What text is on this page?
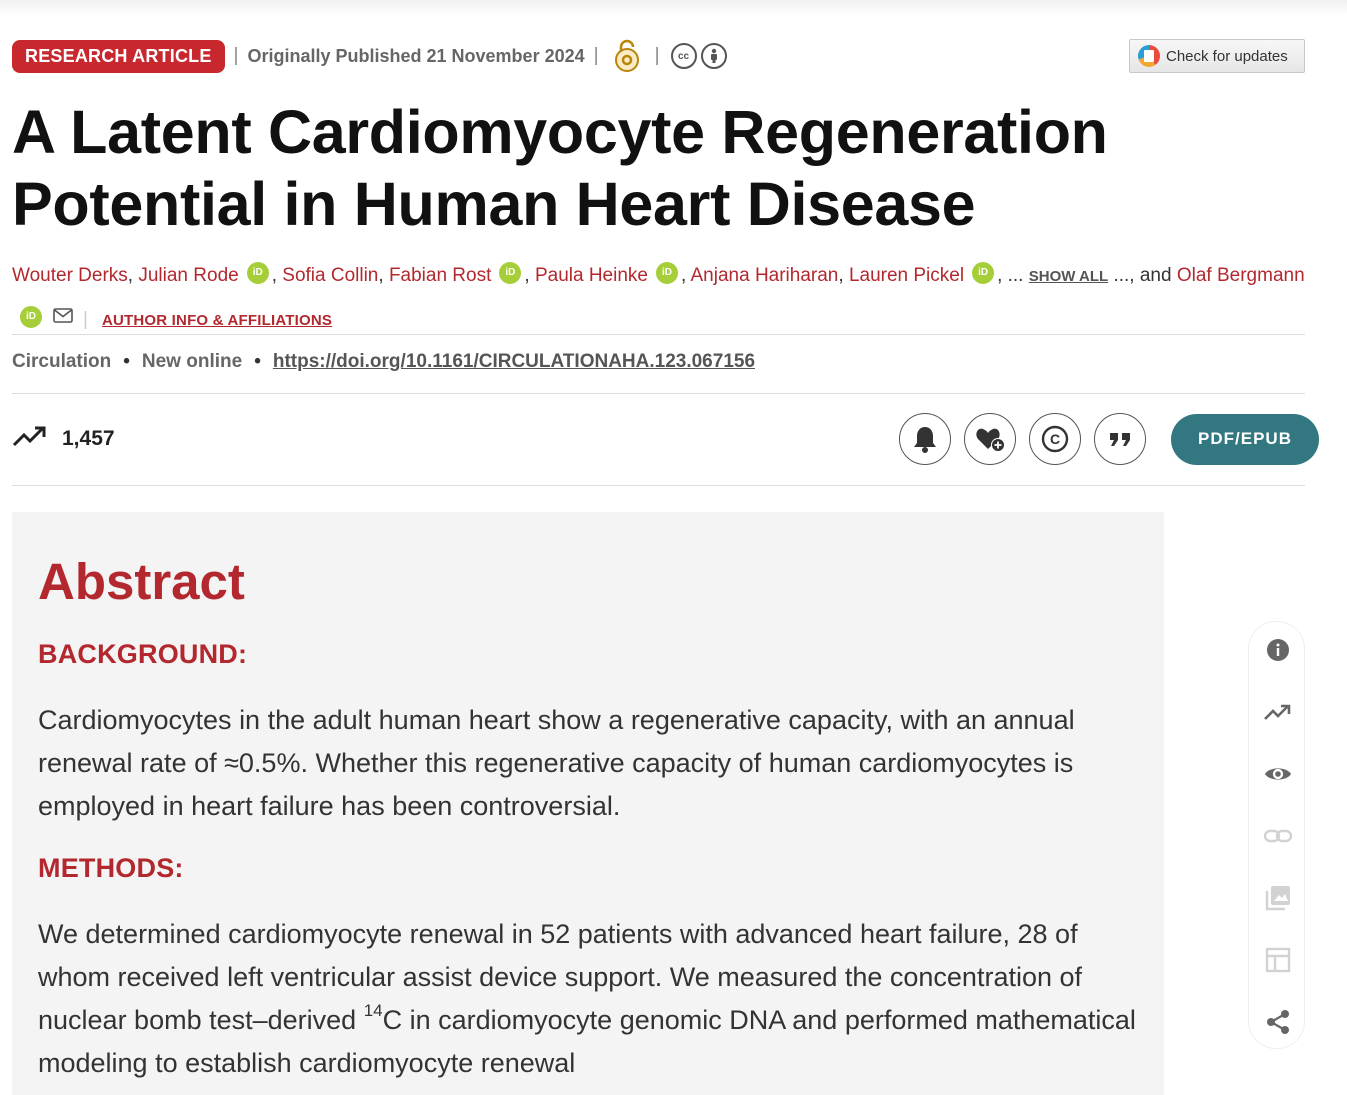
RESEARCH ARTICLE	| Originally Published 21 November 2024 |	|	cc	Check for updates
A Latent Cardiomyocyte Regeneration Potential in Human Heart Disease
Wouter Derks, Julian Rode iD , Sofia Collin, Fabian Rost iD , Paula Heinke iD , Anjana Hariharan, Lauren Pickel iD , ... SHOW ALL ..., and Olaf BergmanniD | AUTHOR INFO & AFFILIATIONS
Circulation • New online • https://doi.org/10.1161/CIRCULATIONAHA.123.067156
1,457	C	PDF/EPUB
Abstract
BACKGROUND:

Cardiomyocytes in the adult human heart show a regenerative capacity, with an annual renewal rate of ≈0.5%. Whether this regenerative capacity of human cardiomyocytes is employed in heart failure has been controversial.

METHODS:

We determined cardiomyocyte renewal in 52 patients with advanced heart failure, 28 of whom received left ventricular assist device support. We measured the concentration of nuclear bomb test–derived $^{14}$C in cardiomyocyte genomic DNA and performed mathematical modeling to establish cardiomyocyte renewal
